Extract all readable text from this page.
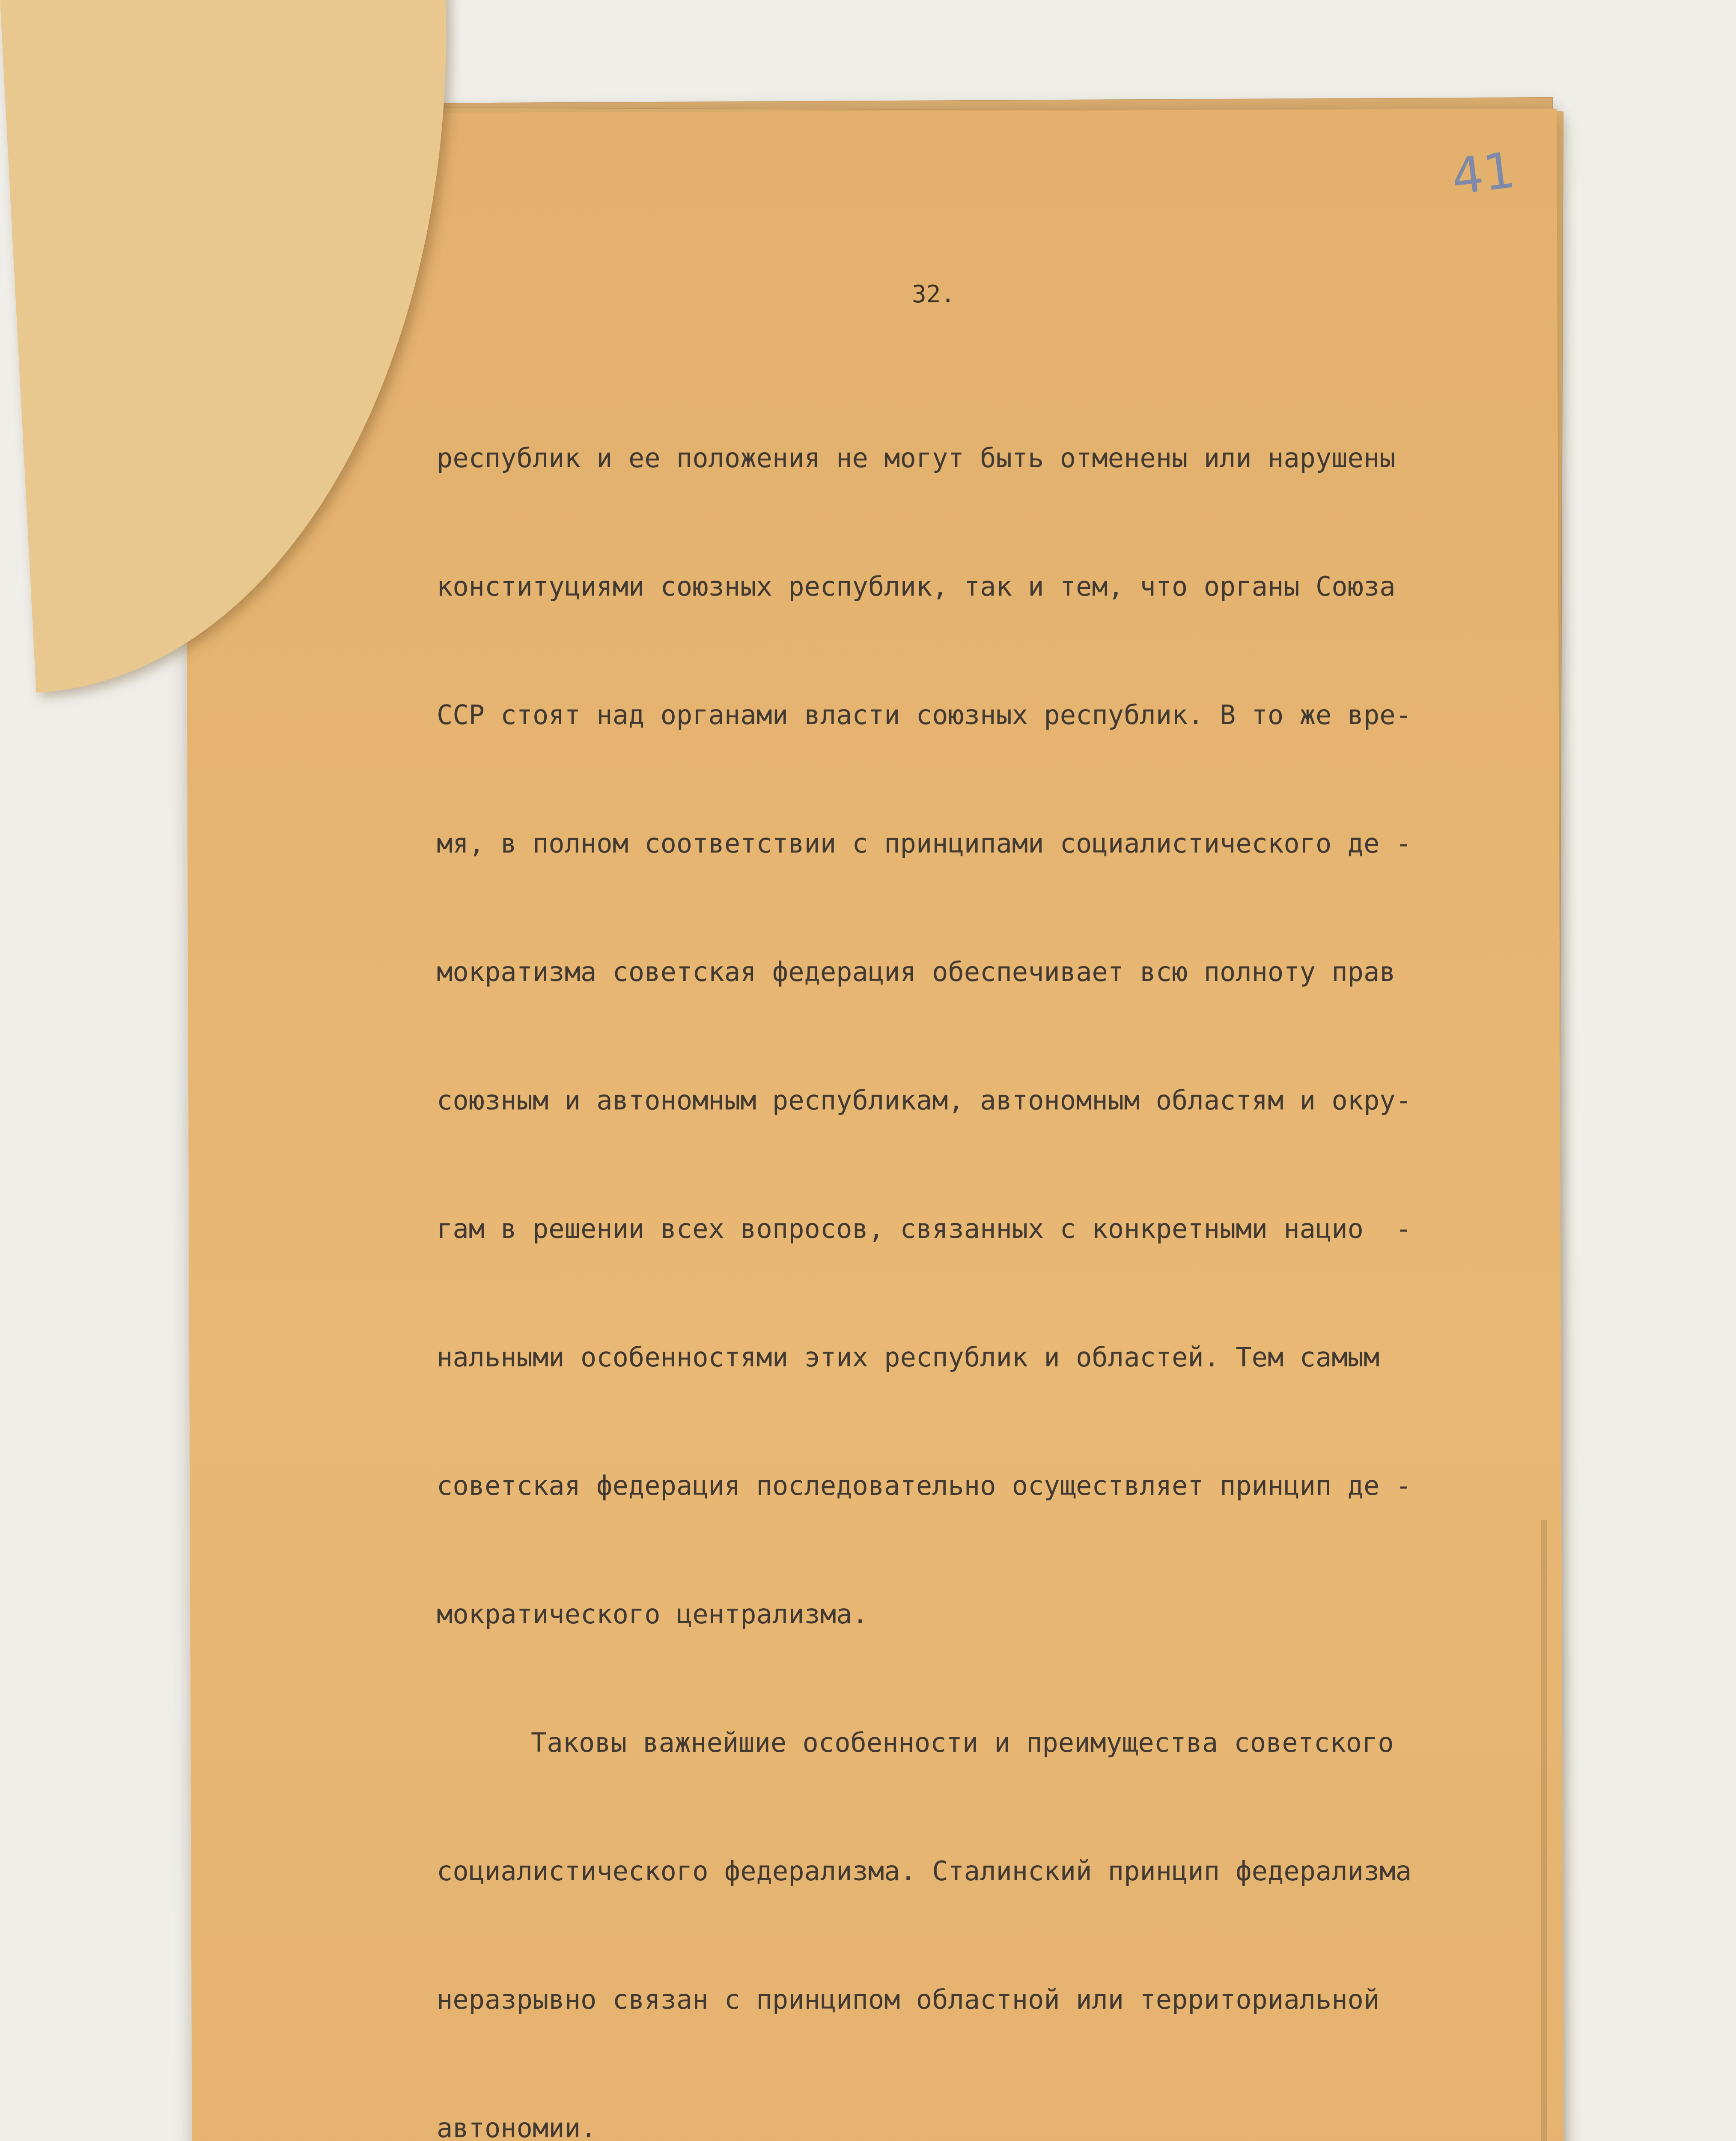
41
32.

республик и ее положения не могут быть отменены или нарушены

конституциями союзных республик, так и тем, что органы Союза

ССР стоят над органами власти союзных республик. В то же вре-

мя, в полном соответствии с принципами социалистического де -

мократизма советская федерация обеспечивает всю полноту прав

союзным и автономным республикам, автономным областям и окру-

гам в решении всех вопросов, связанных с конкретными нацио  -

нальными особенностями этих республик и областей. Тем самым

советская федерация последовательно осуществляет принцип де -

мократического централизма.

Таковы важнейшие особенности и преимущества советского

социалистического федерализма. Сталинский принцип федерализма

неразрывно связан с принципом областной или территориальной

автономии.
